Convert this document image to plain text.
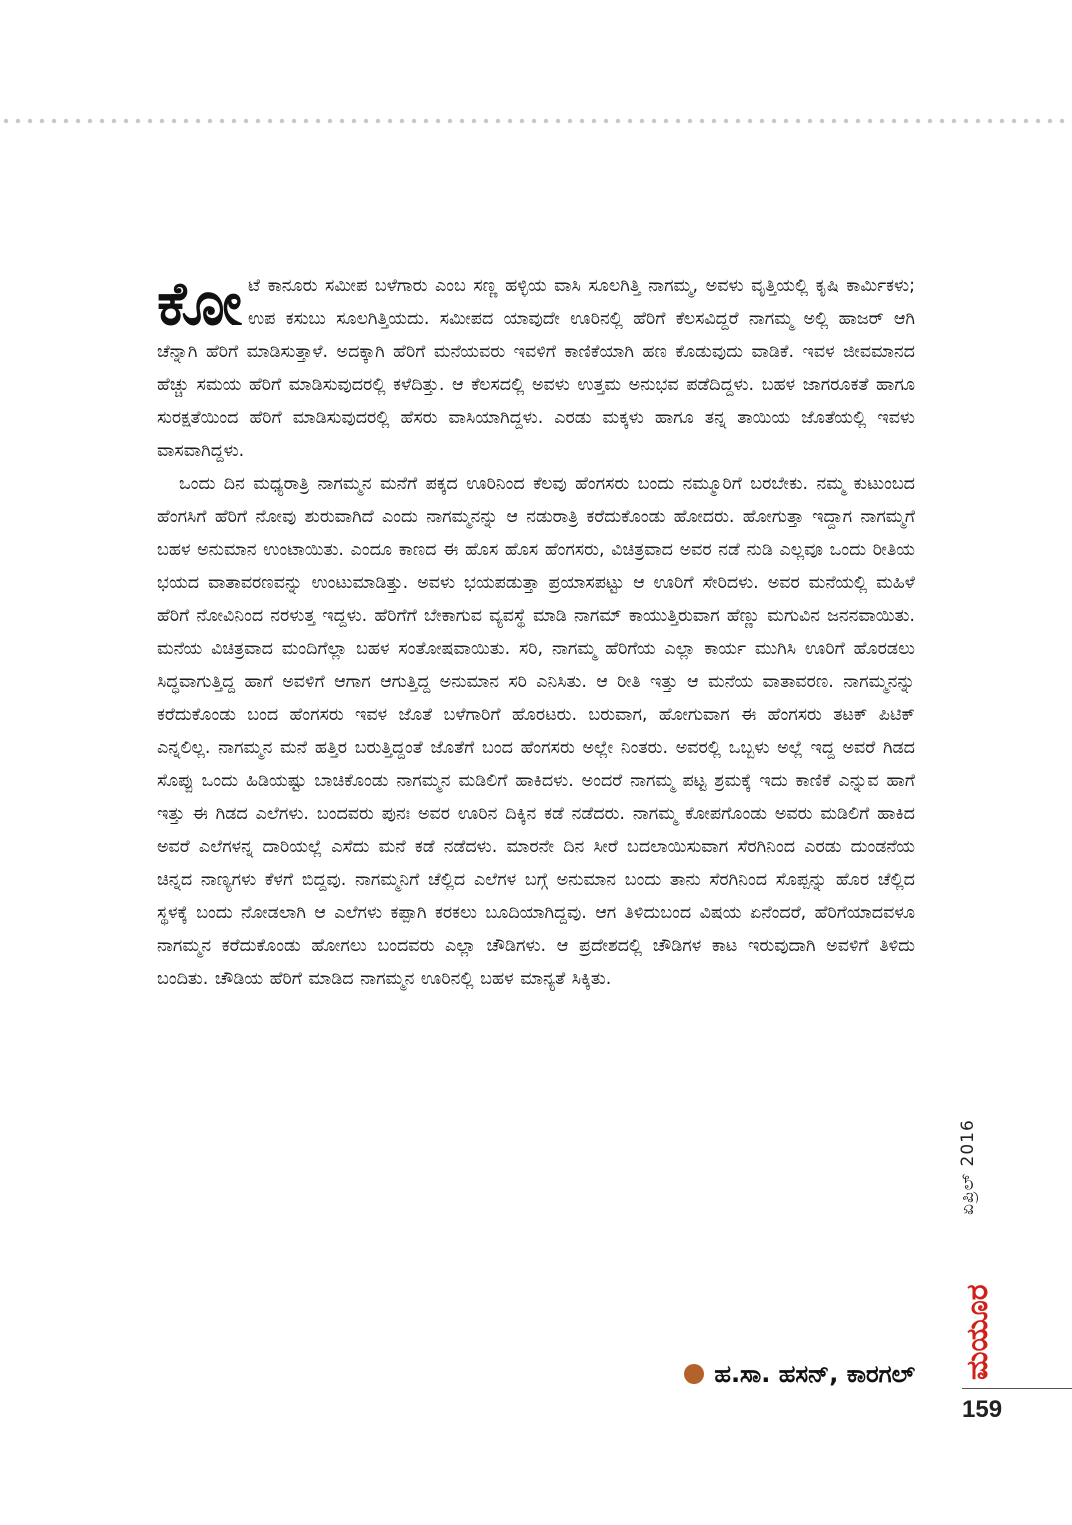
ಕೋಟೆ ಕಾನೂರು ಸಮೀಪ ಬಳೆಗಾರು ಎಂಬ ಸಣ್ಣ ಹಳ್ಳಿಯ ವಾಸಿ ಸೂಲಗಿತ್ತಿ ನಾಗಮ್ಮ, ಅವಳು ವೃತ್ತಿಯಲ್ಲಿ ಕೃಷಿ ಕಾರ್ಮಿಕಳು; ಉಪ ಕಸುಬು ಸೂಲಗಿತ್ತಿಯದು. ಸಮೀಪದ ಯಾವುದೇ ಊರಿನಲ್ಲಿ ಹೆರಿಗೆ ಕೆಲಸವಿದ್ದರೆ ನಾಗಮ್ಮ ಅಲ್ಲಿ ಹಾಜರ್ ಆಗಿ ಚೆನ್ನಾಗಿ ಹೆರಿಗೆ ಮಾಡಿಸುತ್ತಾಳೆ. ಅದಕ್ಕಾಗಿ ಹೆರಿಗೆ ಮನೆಯವರು ಇವಳಿಗೆ ಕಾಣಿಕೆಯಾಗಿ ಹಣ ಕೊಡುವುದು ವಾಡಿಕೆ. ಇವಳ ಜೀವಮಾನದ ಹೆಚ್ಚು ಸಮಯ ಹೆರಿಗೆ ಮಾಡಿಸುವುದರಲ್ಲಿ ಕಳೆದಿತ್ತು. ಆ ಕೆಲಸದಲ್ಲಿ ಅವಳು ಉತ್ತಮ ಅನುಭವ ಪಡೆದಿದ್ದಳು. ಬಹಳ ಜಾಗರೂಕತೆ ಹಾಗೂ ಸುರಕ್ಷತೆಯಿಂದ ಹೆರಿಗೆ ಮಾಡಿಸುವುದರಲ್ಲಿ ಹೆಸರು ವಾಸಿಯಾಗಿದ್ದಳು. ಎರಡು ಮಕ್ಕಳು ಹಾಗೂ ತನ್ನ ತಾಯಿಯ ಜೊತೆಯಲ್ಲಿ ಇವಳು ವಾಸವಾಗಿದ್ದಳು.

ಒಂದು ದಿನ ಮಧ್ಯರಾತ್ರಿ ನಾಗಮ್ಮನ ಮನೆಗೆ ಪಕ್ಕದ ಊರಿನಿಂದ ಕೆಲವು ಹೆಂಗಸರು ಬಂದು ನಮ್ಮೂರಿಗೆ ಬರಬೇಕು. ನಮ್ಮ ಕುಟುಂಬದ ಹೆಂಗಸಿಗೆ ಹೆರಿಗೆ ನೋವು ಶುರುವಾಗಿದೆ ಎಂದು ನಾಗಮ್ಮನನ್ನು ಆ ನಡುರಾತ್ರಿ ಕರೆದುಕೊಂಡು ಹೋದರು. ಹೋಗುತ್ತಾ ಇದ್ದಾಗ ನಾಗಮ್ಮಗೆ ಬಹಳ ಅನುಮಾನ ಉಂಟಾಯಿತು. ಎಂದೂ ಕಾಣದ ಈ ಹೊಸ ಹೊಸ ಹೆಂಗಸರು, ವಿಚಿತ್ರವಾದ ಅವರ ನಡೆ ನುಡಿ ಎಲ್ಲವೂ ಒಂದು ರೀತಿಯ ಭಯದ ವಾತಾವರಣವನ್ನು ಉಂಟುಮಾಡಿತ್ತು. ಅವಳು ಭಯಪಡುತ್ತಾ ಪ್ರಯಾಸಪಟ್ಟು ಆ ಊರಿಗೆ ಸೇರಿದಳು. ಅವರ ಮನೆಯಲ್ಲಿ ಮಹಿಳೆ ಹೆರಿಗೆ ನೋವಿನಿಂದ ನರಳುತ್ತ ಇದ್ದಳು. ಹೆರಿಗೆಗೆ ಬೇಕಾಗುವ ವ್ಯವಸ್ಥೆ ಮಾಡಿ ನಾಗಮ್ ಕಾಯುತ್ತಿರುವಾಗ ಹೆಣ್ಣು ಮಗುವಿನ ಜನನವಾಯಿತು. ಮನೆಯ ವಿಚಿತ್ರವಾದ ಮಂದಿಗೆಲ್ಲಾ ಬಹಳ ಸಂತೋಷವಾಯಿತು. ಸರಿ, ನಾಗಮ್ಮ ಹೆರಿಗೆಯ ಎಲ್ಲಾ ಕಾರ್ಯ ಮುಗಿಸಿ ಊರಿಗೆ ಹೊರಡಲು ಸಿದ್ಧವಾಗುತ್ತಿದ್ದ ಹಾಗೆ ಅವಳಿಗೆ ಆಗಾಗ ಆಗುತ್ತಿದ್ದ ಅನುಮಾನ ಸರಿ ಎನಿಸಿತು. ಆ ರೀತಿ ಇತ್ತು ಆ ಮನೆಯ ವಾತಾವರಣ. ನಾಗಮ್ಮನನ್ನು ಕರೆದುಕೊಂಡು ಬಂದ ಹೆಂಗಸರು ಇವಳ ಜೊತೆ ಬಳೆಗಾರಿಗೆ ಹೊರಟರು. ಬರುವಾಗ, ಹೋಗುವಾಗ ಈ ಹೆಂಗಸರು ತಟಕ್ ಪಿಟಿಕ್ ಎನ್ನಲಿಲ್ಲ. ನಾಗಮ್ಮನ ಮನೆ ಹತ್ತಿರ ಬರುತ್ತಿದ್ದಂತೆ ಜೊತೆಗೆ ಬಂದ ಹೆಂಗಸರು ಅಲ್ಲೇ ನಿಂತರು. ಅವರಲ್ಲಿ ಒಬ್ಬಳು ಅಲ್ಲೆ ಇದ್ದ ಅವರೆ ಗಿಡದ ಸೊಪ್ಪು ಒಂದು ಹಿಡಿಯಷ್ಟು ಬಾಚಿಕೊಂಡು ನಾಗಮ್ಮನ ಮಡಿಲಿಗೆ ಹಾಕಿದಳು. ಅಂದರೆ ನಾಗಮ್ಮ ಪಟ್ಟ ಶ್ರಮಕ್ಕೆ ಇದು ಕಾಣಿಕೆ ಎನ್ನುವ ಹಾಗೆ ಇತ್ತು ಈ ಗಿಡದ ಎಲೆಗಳು. ಬಂದವರು ಪುನಃ ಅವರ ಊರಿನ ದಿಕ್ಕಿನ ಕಡೆ ನಡೆದರು. ನಾಗಮ್ಮ ಕೋಪಗೊಂಡು ಅವರು ಮಡಿಲಿಗೆ ಹಾಕಿದ ಅವರೆ ಎಲೆಗಳನ್ನ ದಾರಿಯಲ್ಲೆ ಎಸೆದು ಮನೆ ಕಡೆ ನಡೆದಳು. ಮಾರನೇ ದಿನ ಸೀರೆ ಬದಲಾಯಿಸುವಾಗ ಸೆರಗಿನಿಂದ ಎರಡು ದುಂಡನೆಯ ಚಿನ್ನದ ನಾಣ್ಯಗಳು ಕೆಳಗೆ ಬಿದ್ದವು. ನಾಗಮ್ಮನಿಗೆ ಚೆಲ್ಲಿದ ಎಲೆಗಳ ಬಗ್ಗೆ ಅನುಮಾನ ಬಂದು ತಾನು ಸೆರಗಿನಿಂದ ಸೊಪ್ಪನ್ನು ಹೊರ ಚೆಲ್ಲಿದ ಸ್ಥಳಕ್ಕೆ ಬಂದು ನೋಡಲಾಗಿ ಆ ಎಲೆಗಳು ಕಪ್ಪಾಗಿ ಕರಕಲು ಬೂದಿಯಾಗಿದ್ದವು. ಆಗ ತಿಳಿದುಬಂದ ವಿಷಯ ಏನೆಂದರೆ, ಹೆರಿಗೆಯಾದವಳೂ ನಾಗಮ್ಮನ ಕರೆದುಕೊಂಡು ಹೋಗಲು ಬಂದವರು ಎಲ್ಲಾ ಚೌಡಿಗಳು. ಆ ಪ್ರದೇಶದಲ್ಲಿ ಚೌಡಿಗಳ ಕಾಟ ಇರುವುದಾಗಿ ಅವಳಿಗೆ ತಿಳಿದು ಬಂದಿತು. ಚೌಡಿಯ ಹೆರಿಗೆ ಮಾಡಿದ ನಾಗಮ್ಮನ ಊರಿನಲ್ಲಿ ಬಹಳ ಮಾನ್ಯತೆ ಸಿಕ್ಕಿತು.

ಹ.ಸಾ. ಹಸನ್, ಕಾರಗಲ್
ಏಪ್ರಿಲ್ 2016
ಮಯೂರ
159
